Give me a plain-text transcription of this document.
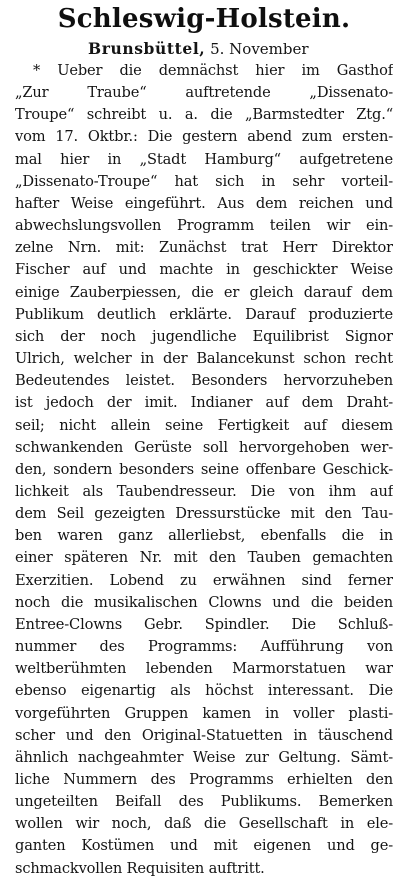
Schleswig-Holstein.
Brunsbüttel, 5. November
* Ueber die demnächst hier im Gasthof
„Zur Traube“ auftretende „Dissenato-
Troupe“ schreibt u. a. die „Barmstedter Ztg.“
vom 17. Oktbr.: Die gestern abend zum ersten-
mal hier in „Stadt Hamburg“ aufgetretene
„Dissenato-Troupe“ hat sich in sehr vorteil-
hafter Weise eingeführt. Aus dem reichen und
abwechslungsvollen Programm teilen wir ein-
zelne Nrn. mit: Zunächst trat Herr Direktor
Fischer auf und machte in geschickter Weise
einige Zauberpiessen, die er gleich darauf dem
Publikum deutlich erklärte. Darauf produzierte
sich der noch jugendliche Equilibrist Signor
Ulrich, welcher in der Balancekunst schon recht
Bedeutendes leistet. Besonders hervorzuheben
ist jedoch der imit. Indianer auf dem Draht-
seil; nicht allein seine Fertigkeit auf diesem
schwankenden Gerüste soll hervorgehoben wer-
den, sondern besonders seine offenbare Geschick-
lichkeit als Taubendresseur. Die von ihm auf
dem Seil gezeigten Dressurstücke mit den Tau-
ben waren ganz allerliebst, ebenfalls die in
einer späteren Nr. mit den Tauben gemachten
Exerzitien. Lobend zu erwähnen sind ferner
noch die musikalischen Clowns und die beiden
Entree-Clowns Gebr. Spindler. Die Schluß-
nummer des Programms: Aufführung von
weltberühmten lebenden Marmorstatuen war
ebenso eigenartig als höchst interessant. Die
vorgeführten Gruppen kamen in voller plasti-
scher und den Original-Statuetten in täuschend
ähnlich nachgeahmter Weise zur Geltung. Sämt-
liche Nummern des Programms erhielten den
ungeteilten Beifall des Publikums. Bemerken
wollen wir noch, daß die Gesellschaft in ele-
ganten Kostümen und mit eigenen und ge-
schmackvollen Requisiten auftritt.
